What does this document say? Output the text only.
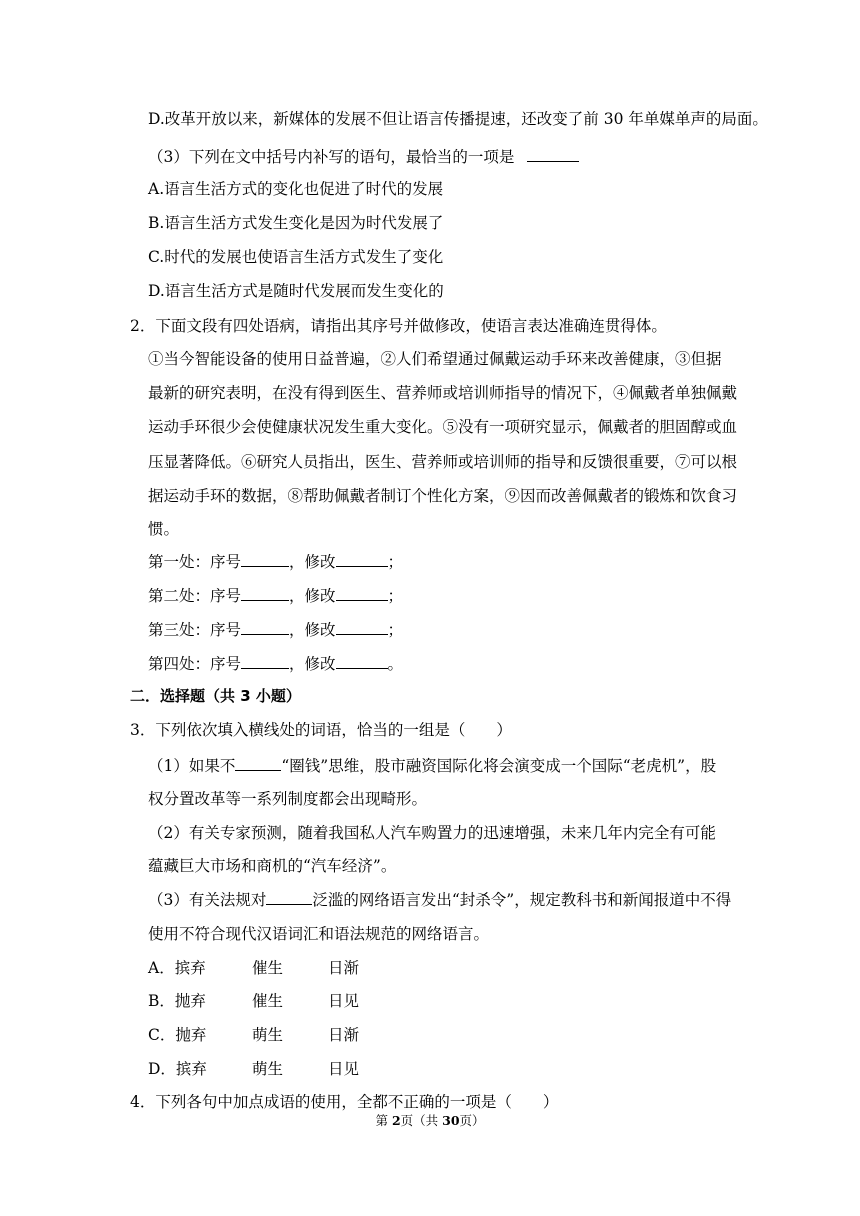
D.改革开放以来，新媒体的发展不但让语言传播提速，还改变了前 30 年单媒单声的局面。
（3）下列在文中括号内补写的语句，最恰当的一项是
A.语言生活方式的变化也促进了时代的发展
B.语言生活方式发生变化是因为时代发展了
C.时代的发展也使语言生活方式发生了变化
D.语言生活方式是随时代发展而发生变化的
2．下面文段有四处语病，请指出其序号并做修改，使语言表达准确连贯得体。
①当今智能设备的使用日益普遍，②人们希望通过佩戴运动手环来改善健康，③但据
最新的研究表明，在没有得到医生、营养师或培训师指导的情况下，④佩戴者单独佩戴
运动手环很少会使健康状况发生重大变化。⑤没有一项研究显示，佩戴者的胆固醇或血
压显著降低。⑥研究人员指出，医生、营养师或培训师的指导和反馈很重要，⑦可以根
据运动手环的数据，⑧帮助佩戴者制订个性化方案，⑨因而改善佩戴者的锻炼和饮食习
惯。
第一处：序号	，修改	；
第二处：序号	，修改	；
第三处：序号	，修改	；
第四处：序号	，修改	。
二．选择题（共 3 小题）
3．下列依次填入横线处的词语，恰当的一组是（　　）
（1）如果不	“圈钱”思维，股市融资国际化将会演变成一个国际“老虎机”，股
权分置改革等一系列制度都会出现畸形。
（2）有关专家预测，随着我国私人汽车购置力的迅速增强，未来几年内完全有可能
蕴藏巨大市场和商机的“汽车经济”。
（3）有关法规对	泛滥的网络语言发出“封杀令”，规定教科书和新闻报道中不得
使用不符合现代汉语词汇和语法规范的网络语言。
A．摈弃	催生	日渐
B．抛弃	催生	日见
C．抛弃	萌生	日渐
D．摈弃	萌生	日见
4．下列各句中加点成语的使用，全都不正确的一项是（　　）
第 2页（共 30页）
